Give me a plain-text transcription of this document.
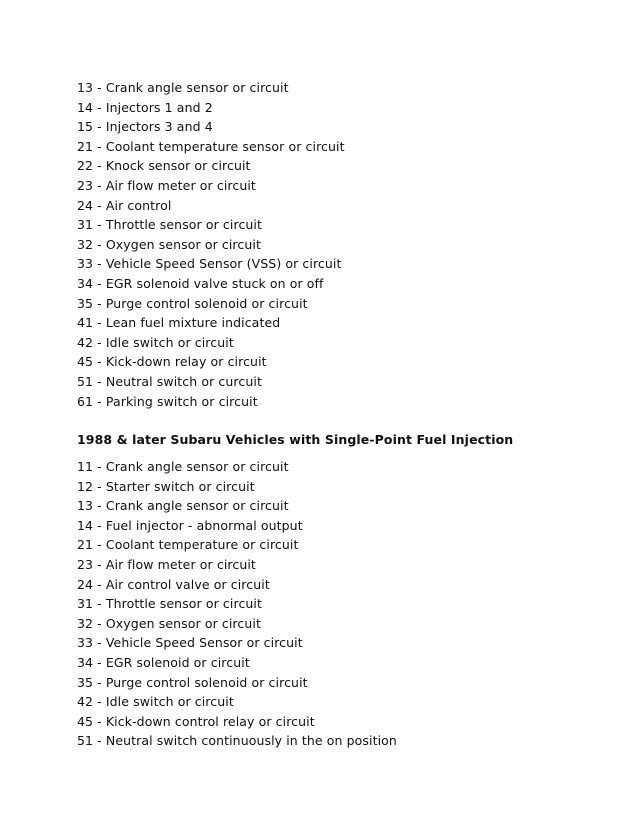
13 - Crank angle sensor or circuit
14 - Injectors 1 and 2
15 - Injectors 3 and 4
21 - Coolant temperature sensor or circuit
22 - Knock sensor or circuit
23 - Air flow meter or circuit
24 - Air control
31 - Throttle sensor or circuit
32 - Oxygen sensor or circuit
33 - Vehicle Speed Sensor (VSS) or circuit
34 - EGR solenoid valve stuck on or off
35 - Purge control solenoid or circuit
41 - Lean fuel mixture indicated
42 - Idle switch or circuit
45 - Kick-down relay or circuit
51 - Neutral switch or curcuit
61 - Parking switch or circuit
1988 & later Subaru Vehicles with Single-Point Fuel Injection
11 - Crank angle sensor or circuit
12 - Starter switch or circuit
13 - Crank angle sensor or circuit
14 - Fuel injector - abnormal output
21 - Coolant temperature or circuit
23 - Air flow meter or circuit
24 - Air control valve or circuit
31 - Throttle sensor or circuit
32 - Oxygen sensor or circuit
33 - Vehicle Speed Sensor or circuit
34 - EGR solenoid or circuit
35 - Purge control solenoid or circuit
42 - Idle switch or circuit
45 - Kick-down control relay or circuit
51 - Neutral switch continuously in the on position
